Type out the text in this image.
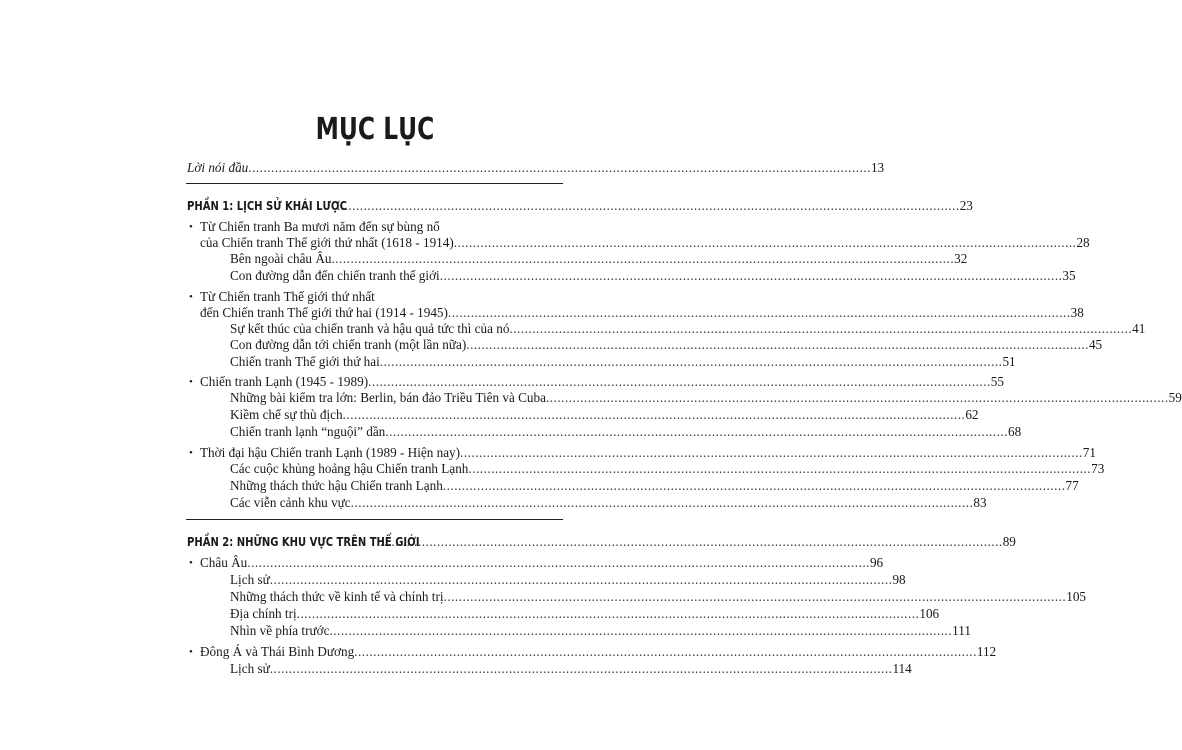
MỤC LỤC
Lời nói đầu .................................................................................................................................................................... 13
PHẦN 1: LỊCH SỬ KHÁI LƯỢC
.................................................................................................................................................................... 23
• Từ Chiến tranh Ba mươi năm đến sự bùng nổ
của Chiến tranh Thế giới thứ nhất (1618 - 1914) .................................................................................................................................................................... 28
Bên ngoài châu Âu .................................................................................................................................................................... 32
Con đường dẫn đến chiến tranh thế giới .................................................................................................................................................................... 35
• Từ Chiến tranh Thế giới thứ nhất
đến Chiến tranh Thế giới thứ hai (1914 - 1945) .................................................................................................................................................................... 38
Sự kết thúc của chiến tranh và hậu quả tức thì của nó .................................................................................................................................................................... 41
Con đường dẫn tới chiến tranh (một lần nữa) .................................................................................................................................................................... 45
Chiến tranh Thế giới thứ hai .................................................................................................................................................................... 51
• Chiến tranh Lạnh (1945 - 1989) .................................................................................................................................................................... 55
Những bài kiểm tra lớn: Berlin, bán đảo Triều Tiên và Cuba .................................................................................................................................................................... 59
Kiềm chế sự thù địch .................................................................................................................................................................... 62
Chiến tranh lạnh “nguội” dần .................................................................................................................................................................... 68
• Thời đại hậu Chiến tranh Lạnh (1989 - Hiện nay) .................................................................................................................................................................... 71
Các cuộc khủng hoảng hậu Chiến tranh Lạnh .................................................................................................................................................................... 73
Những thách thức hậu Chiến tranh Lạnh .................................................................................................................................................................... 77
Các viễn cảnh khu vực .................................................................................................................................................................... 83
PHẦN 2: NHỮNG KHU VỰC TRÊN THẾ GIỚI
.................................................................................................................................................................... 89
• Châu Âu .................................................................................................................................................................... 96
Lịch sử .................................................................................................................................................................... 98
Những thách thức về kinh tế và chính trị .................................................................................................................................................................... 105
Địa chính trị .................................................................................................................................................................... 106
Nhìn về phía trước .................................................................................................................................................................... 111
• Đông Á và Thái Bình Dương .................................................................................................................................................................... 112
Lịch sử .................................................................................................................................................................... 114
